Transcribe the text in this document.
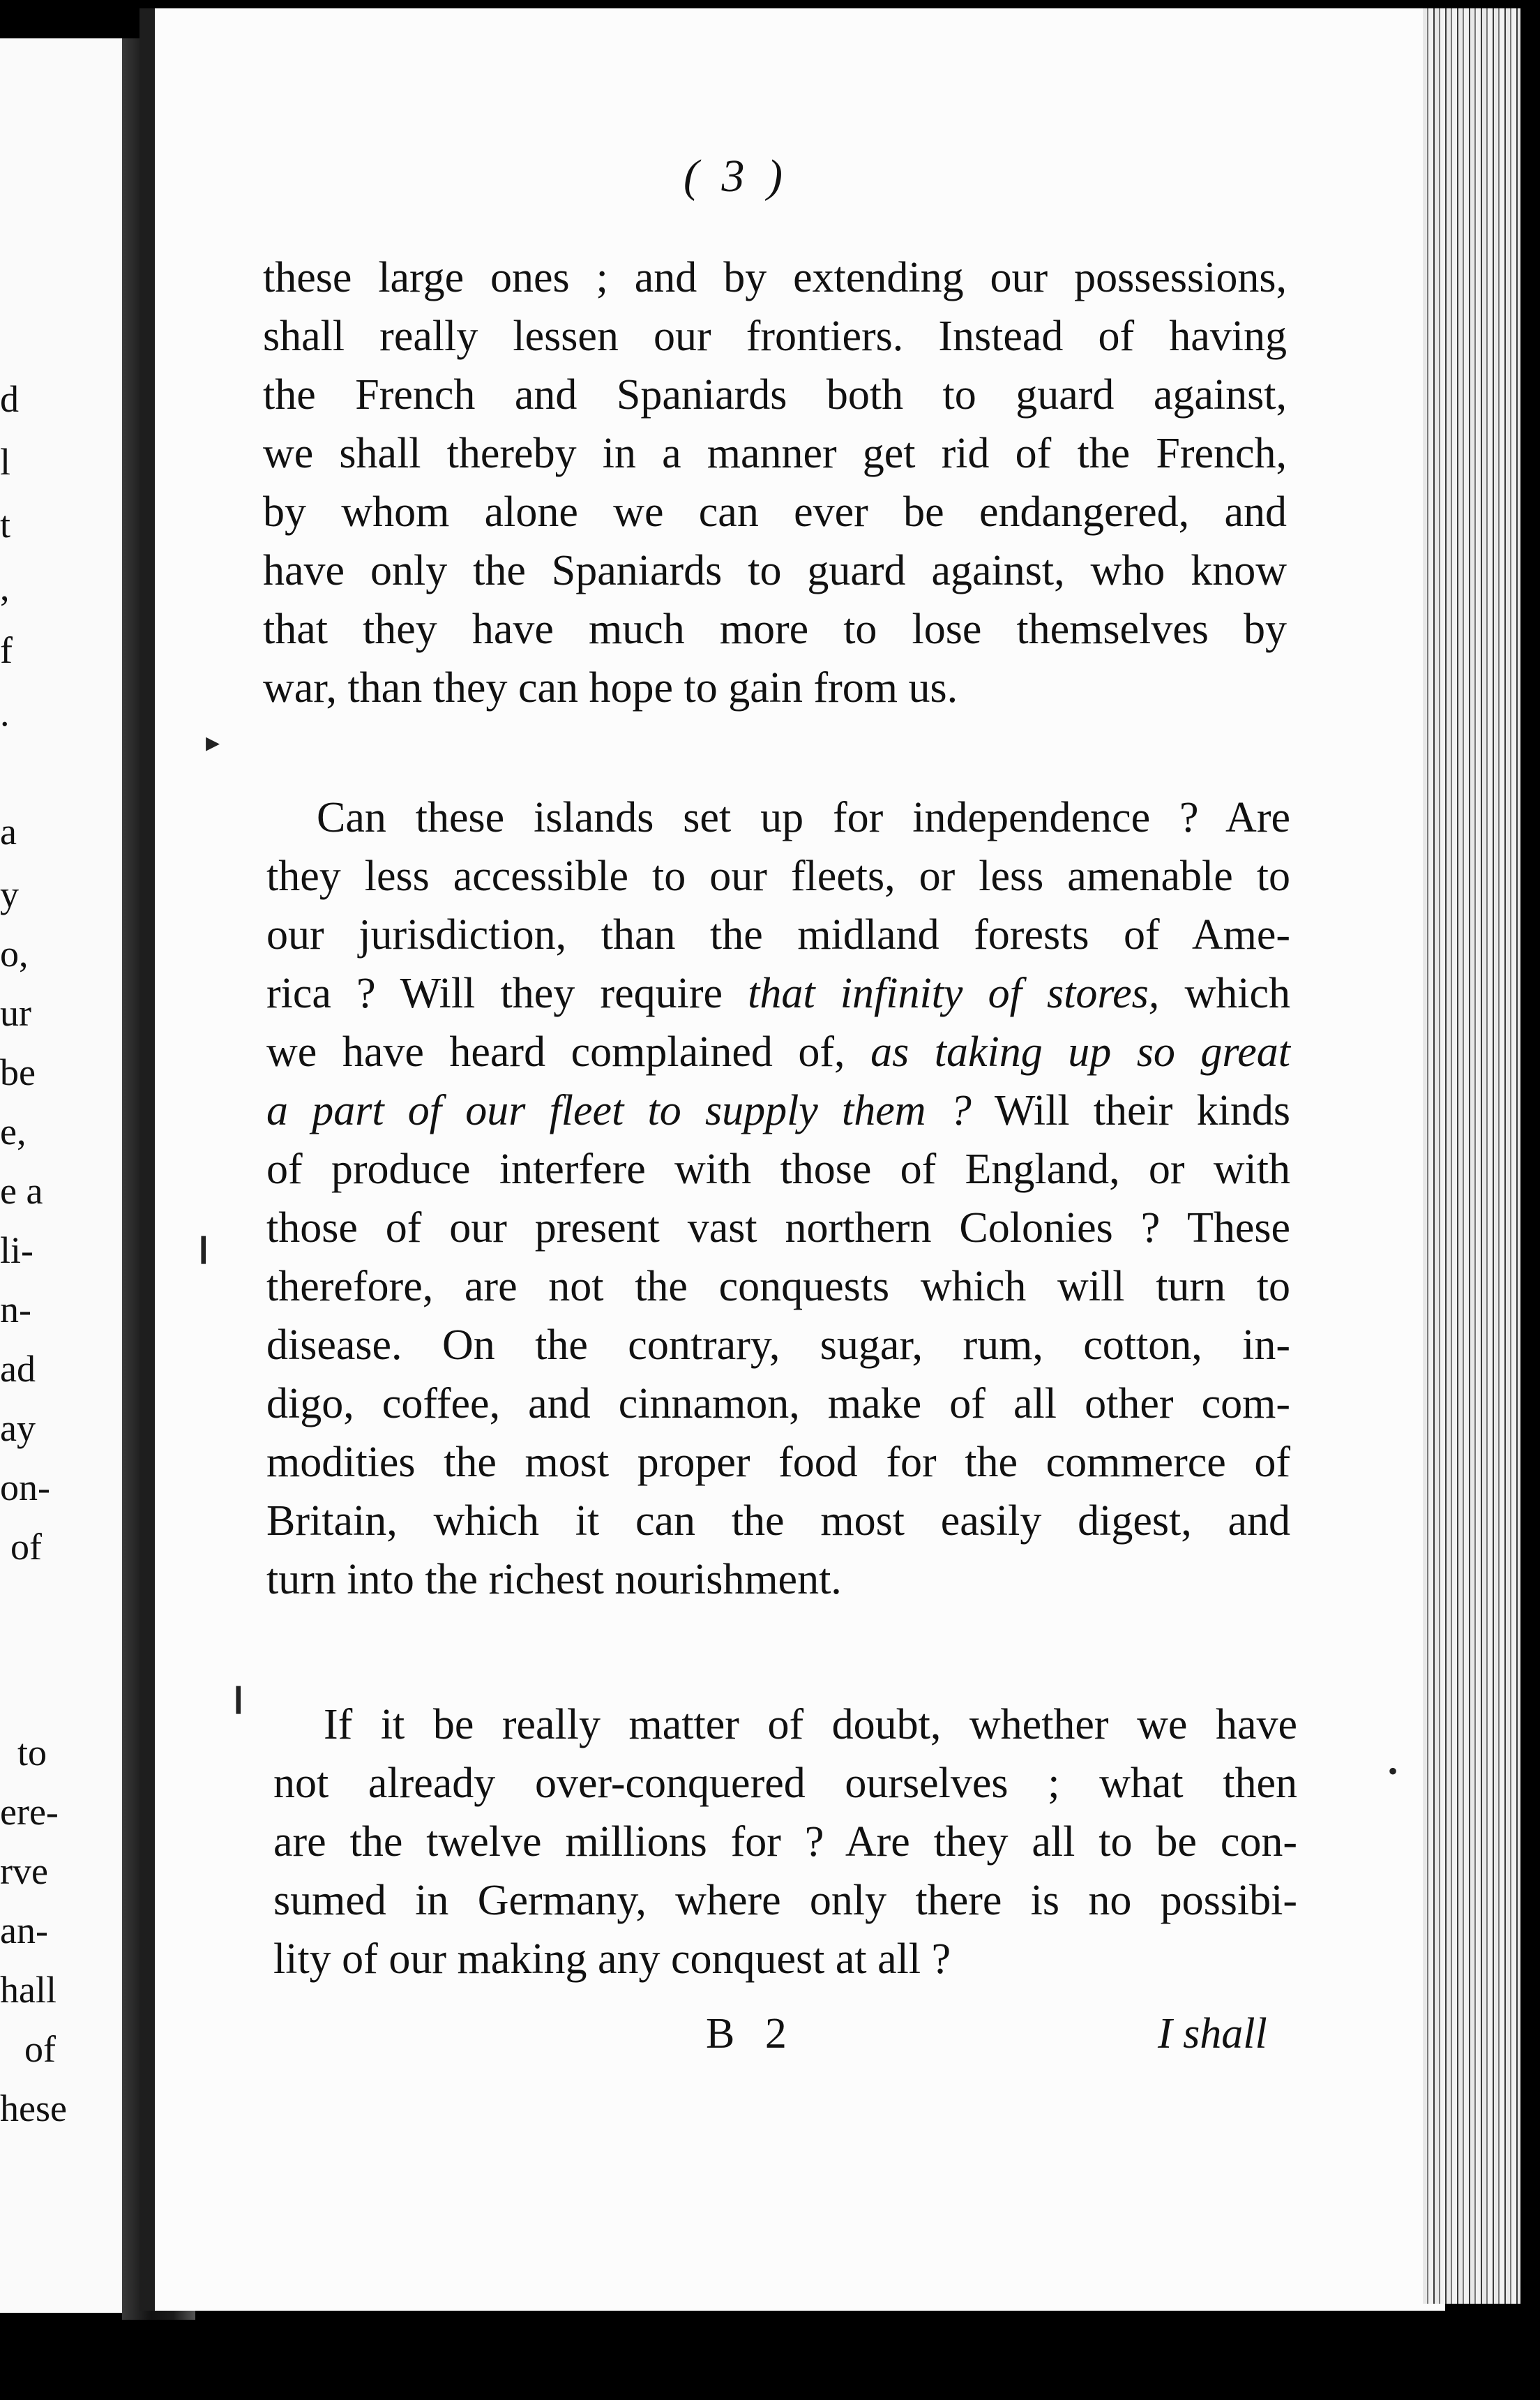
d
l
t
,
f
.
a
y
o,
ur
be
e,
e a
li-
n-
ad
ay
on-
of
to
ere-
rve
an-
hall
of
hese
▸
❙
❙
•
( 3 )
these large ones ; and by extending our possessions,
shall really lessen our frontiers. Instead of having
the French and Spaniards both to guard against,
we shall thereby in a manner get rid of the French,
by whom alone we can ever be endangered, and
have only the Spaniards to guard against, who know
that they have much more to lose themselves by
war, than they can hope to gain from us.
Can these islands set up for independence ? Are
they less accessible to our fleets, or less amenable to
our jurisdiction, than the midland forests of Ame-
rica ? Will they require that infinity of stores, which
we have heard complained of, as taking up so great
a part of our fleet to supply them ? Will their kinds
of produce interfere with those of England, or with
those of our present vast northern Colonies ? These
therefore, are not the conquests which will turn to
disease. On the contrary, sugar, rum, cotton, in-
digo, coffee, and cinnamon, make of all other com-
modities the most proper food for the commerce of
Britain, which it can the most easily digest, and
turn into the richest nourishment.
If it be really matter of doubt, whether we have
not already over-conquered ourselves ; what then
are the twelve millions for ? Are they all to be con-
sumed in Germany, where only there is no possibi-
lity of our making any conquest at all ?
B 2	I shall
